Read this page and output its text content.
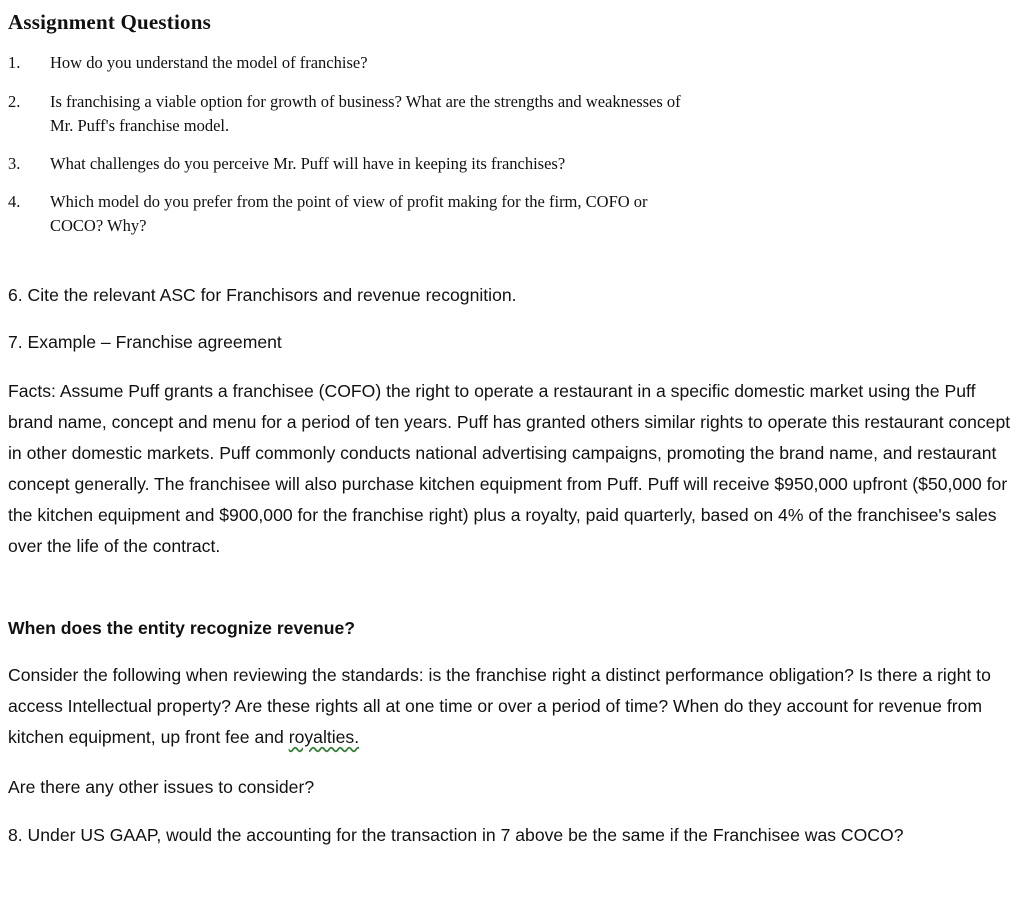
Assignment Questions
1. How do you understand the model of franchise?
2. Is franchising a viable option for growth of business? What are the strengths and weaknesses of
Mr. Puff's franchise model.
3. What challenges do you perceive Mr. Puff will have in keeping its franchises?
4. Which model do you prefer from the point of view of profit making for the firm, COFO or
COCO? Why?
6. Cite the relevant ASC for Franchisors and revenue recognition.
7. Example – Franchise agreement
Facts: Assume Puff grants a franchisee (COFO) the right to operate a restaurant in a specific domestic market using the Puff brand name, concept and menu for a period of ten years. Puff has granted others similar rights to operate this restaurant concept in other domestic markets. Puff commonly conducts national advertising campaigns, promoting the brand name, and restaurant concept generally. The franchisee will also purchase kitchen equipment from Puff. Puff will receive $950,000 upfront ($50,000 for the kitchen equipment and $900,000 for the franchise right) plus a royalty, paid quarterly, based on 4% of the franchisee's sales over the life of the contract.
When does the entity recognize revenue?
Consider the following when reviewing the standards: is the franchise right a distinct performance obligation? Is there a right to access Intellectual property? Are these rights all at one time or over a period of time? When do they account for revenue from kitchen equipment, up front fee and royalties.
Are there any other issues to consider?
8. Under US GAAP, would the accounting for the transaction in 7 above be the same if the Franchisee was COCO?
